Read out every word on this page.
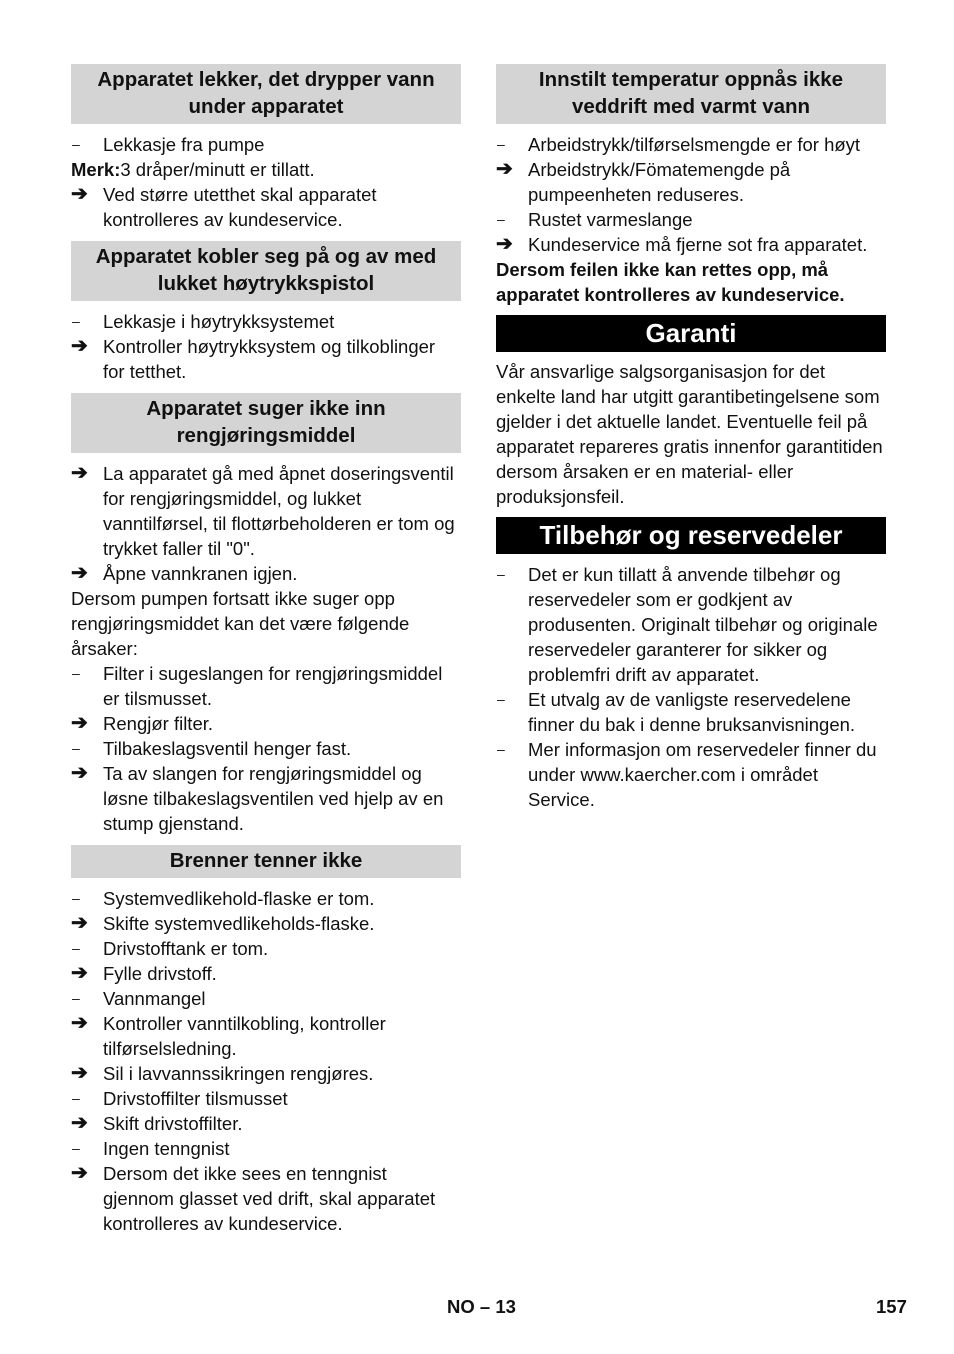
Apparatet lekker, det drypper vann under apparatet
–	Lekkasje fra pumpe
Merk:3 dråper/minutt er tillatt.
➔ Ved større utetthet skal apparatet kontrolleres av kundeservice.
Apparatet kobler seg på og av med lukket høytrykkspistol
–	Lekkasje i høytrykksystemet
➔ Kontroller høytrykksystem og tilkoblinger for tetthet.
Apparatet suger ikke inn rengjøringsmiddel
➔ La apparatet gå med åpnet doseringsventil for rengjøringsmiddel, og lukket vanntilførsel, til flottørbeholderen er tom og trykket faller til "0".
➔ Åpne vannkranen igjen.

Dersom pumpen fortsatt ikke suger opp rengjøringsmiddet kan det være følgende årsaker:

–	Filter i sugeslangen for rengjøringsmiddel er tilsmusset.
➔ Rengjør filter.
–	Tilbakeslagsventil henger fast.
➔ Ta av slangen for rengjøringsmiddel og løsne tilbakeslagsventilen ved hjelp av en stump gjenstand.
Brenner tenner ikke
–	Systemvedlikehold-flaske er tom.
➔ Skifte systemvedlikeholds-flaske.
–	Drivstofftank er tom.
➔ Fylle drivstoff.
–	Vannmangel
➔ Kontroller vanntilkobling, kontroller tilførselsledning.
➔ Sil i lavvannssikringen rengjøres.
–	Drivstoffilter tilsmusset
➔ Skift drivstoffilter.
–	Ingen tenngnist
➔ Dersom det ikke sees en tenngnist gjennom glasset ved drift, skal apparatet kontrolleres av kundeservice.
Innstilt temperatur oppnås ikke veddrift med varmt vann
–	Arbeidstrykk/tilførselsmengde er for høyt
➔ Arbeidstrykk/Fömatemengde på pumpeenheten reduseres.
–	Rustet varmeslange
➔ Kundeservice må fjerne sot fra apparatet.

Dersom feilen ikke kan rettes opp, må apparatet kontrolleres av kundeservice.

Garanti

Vår ansvarlige salgsorganisasjon for det enkelte land har utgitt garantibetingelsene som gjelder i det aktuelle landet. Eventuelle feil på apparatet repareres gratis innenfor garantitiden dersom årsaken er en material- eller produksjonsfeil.

Tilbehør og reservedeler
–	Det er kun tillatt å anvende tilbehør og reservedeler som er godkjent av produsenten. Originalt tilbehør og originale reservedeler garanterer for sikker og problemfri drift av apparatet.
–	Et utvalg av de vanligste reservedelene finner du bak i denne bruksanvisningen.
–	Mer informasjon om reservedeler finner du under www.kaercher.com i området Service.
NO – 13	157
